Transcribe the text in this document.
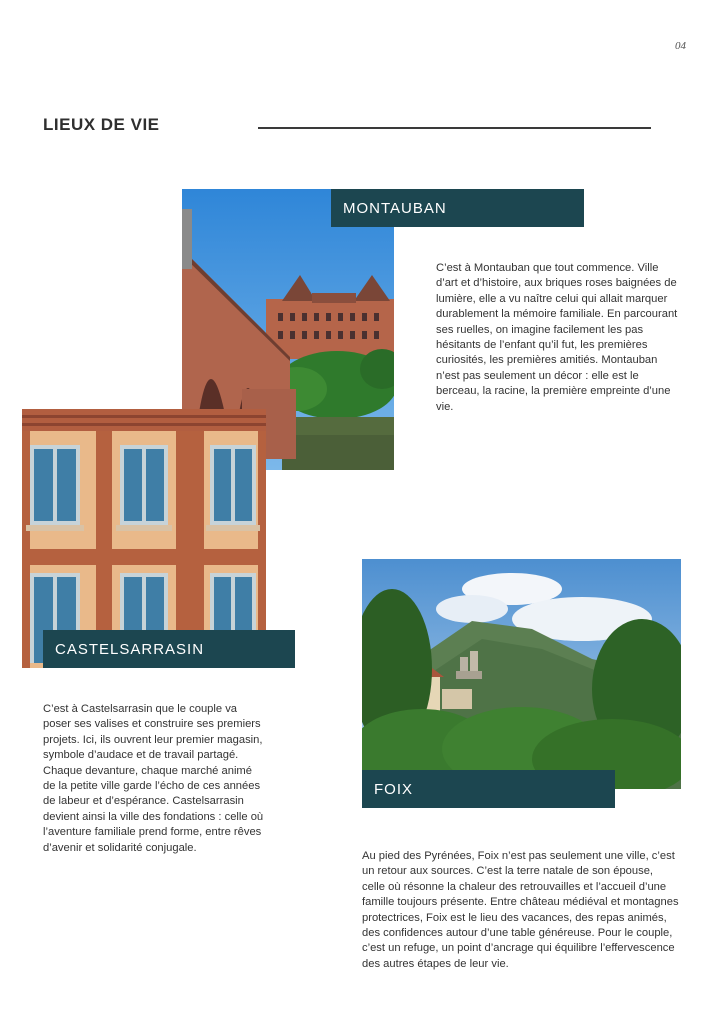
04
LIEUX DE VIE
MONTAUBAN
C’est à Montauban que tout commence. Ville d’art et d’histoire, aux briques roses baignées de lumière, elle a vu naître celui qui allait marquer durablement la mémoire familiale. En parcourant ses ruelles, on imagine facilement les pas hésitants de l’enfant qu’il fut, les premières curiosités, les premières amitiés. Montauban n’est pas seulement un décor : elle est le berceau, la racine, la première empreinte d’une vie.
CASTELSARRASIN
C’est à Castelsarrasin que le couple va poser ses valises et construire ses premiers projets. Ici, ils ouvrent leur premier magasin, symbole d’audace et de travail partagé. Chaque devanture, chaque marché animé de la petite ville garde l’écho de ces années de labeur et d’espérance. Castelsarrasin devient ainsi la ville des fondations : celle où l’aventure familiale prend forme, entre rêves d’avenir et solidarité conjugale.
FOIX
Au pied des Pyrénées, Foix n’est pas seulement une ville, c’est un retour aux sources. C’est la terre natale de son épouse, celle où résonne la chaleur des retrouvailles et l’accueil d’une famille toujours présente. Entre château médiéval et montagnes protectrices, Foix est le lieu des vacances, des repas animés, des confidences autour d’une table généreuse. Pour le couple, c’est un refuge, un point d’ancrage qui équilibre l’effervescence des autres étapes de leur vie.
